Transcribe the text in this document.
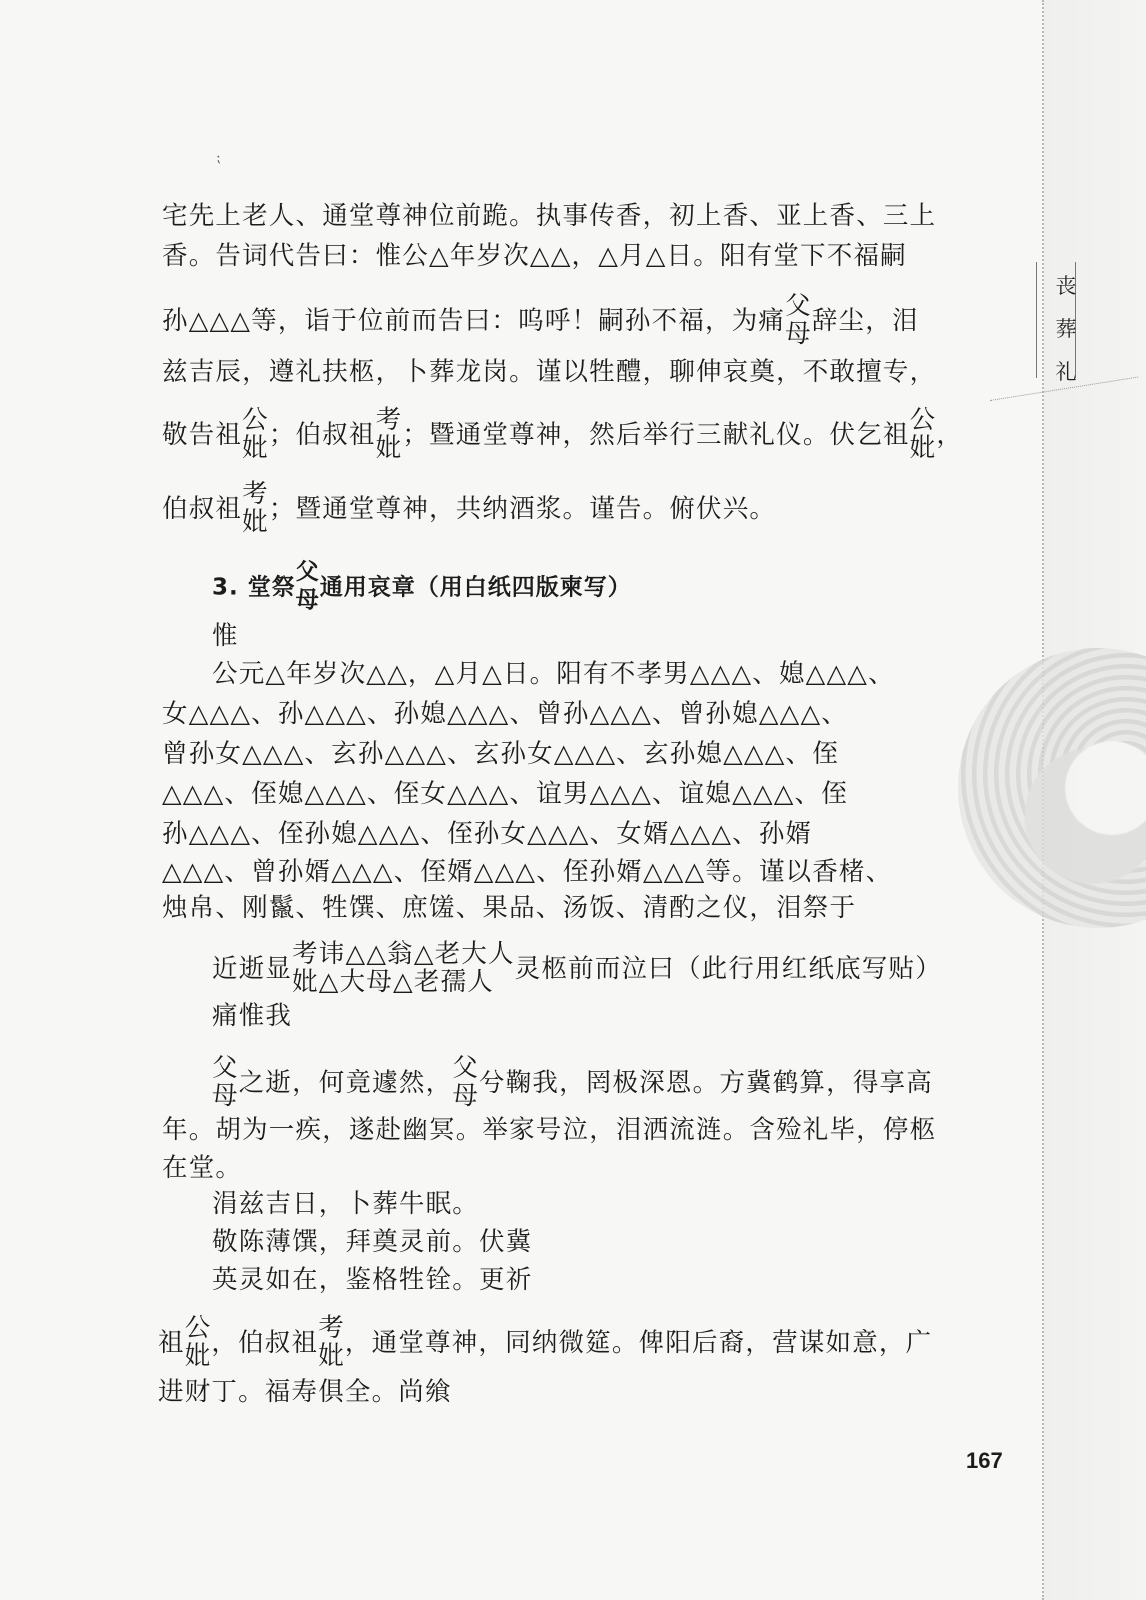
丧
葬
礼
⁏
宅先上老人、通堂尊神位前跪。执事传香，初上香、亚上香、三上
香。告词代告曰：惟公△年岁次△△，△月△日。阳有堂下不福嗣
孙△△△等，诣于位前而告曰：呜呼！嗣孙不福，为痛 父
母 辞尘，泪
兹吉辰，遵礼扶柩，卜葬龙岗。谨以牲醴，聊伸哀奠，不敢擅专，
敬告祖 公
妣 ；伯叔祖 考
妣 ；暨通堂尊神，然后举行三献礼仪。伏乞祖 公
妣 ，
伯叔祖 考
妣 ；暨通堂尊神，共纳酒浆。谨告。俯伏兴。
3. 堂祭
父
母 通用哀章（用白纸四版柬写）
惟
公元△年岁次△△，△月△日。阳有不孝男△△△、媳△△△、
女△△△、孙△△△、孙媳△△△、曾孙△△△、曾孙媳△△△、
曾孙女△△△、玄孙△△△、玄孙女△△△、玄孙媳△△△、侄
△△△、侄媳△△△、侄女△△△、谊男△△△、谊媳△△△、侄
孙△△△、侄孙媳△△△、侄孙女△△△、女婿△△△、孙婿
△△△、曾孙婿△△△、侄婿△△△、侄孙婿△△△等。谨以香楮、
烛帛、刚鬣、牲馔、庶馐、果品、汤饭、清酌之仪，泪祭于
近逝显 考讳△△翁△老大人
妣△大母△老孺人 灵柩前而泣曰（此行用红纸底写贴）
痛惟我
父
母 之逝，何竟遽然， 父
母 兮鞠我，罔极深恩。方冀鹤算，得享高
年。胡为一疾，遂赴幽冥。举家号泣，泪洒流涟。含殓礼毕，停柩
在堂。
涓兹吉日，卜葬牛眠。
敬陈薄馔，拜奠灵前。伏冀
英灵如在，鉴格牲铨。更祈
祖 公
妣 ，伯叔祖 考
妣 ，通堂尊神，同纳微筵。俾阳后裔，营谋如意，广
进财丁。福寿俱全。尚飨
167
